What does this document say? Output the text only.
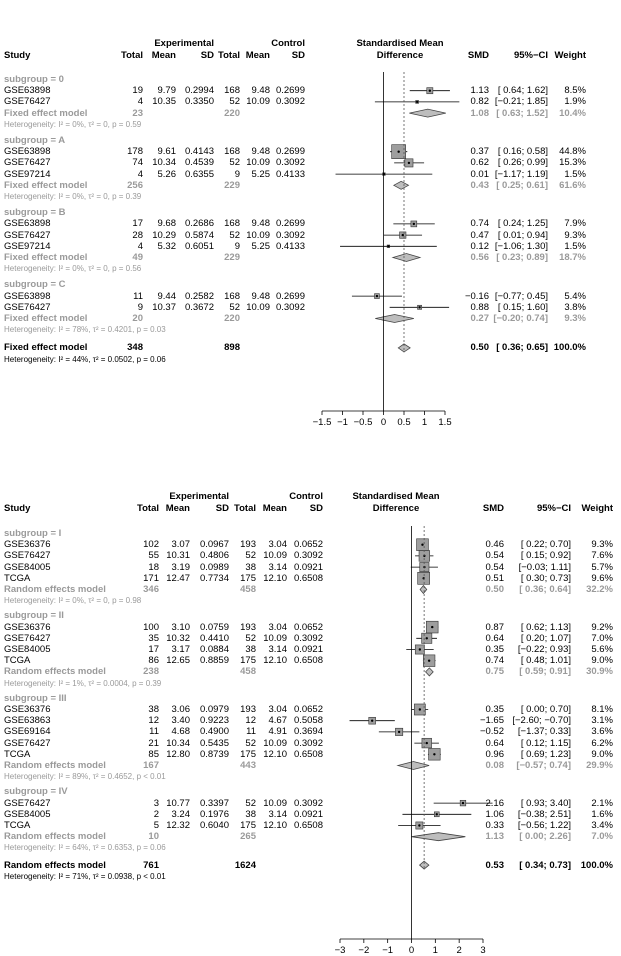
Experimental	Control	Standardised Mean
Study	Total Mean	SD Total Mean SD	Difference	SMD	95%−CI Weight
subgroup = 0
GSE63898	19 9.79 0.2994 168 9.48 0.2699	1.13 [ 0.64; 1.62] 8.5%
GSE76427	4 10.35 0.3350 52 10.09 0.3092	0.82 [−0.21; 1.85] 1.9%
Fixed effect model	23	220	1.08 [ 0.63; 1.52] 10.4%
Heterogeneity: I² = 0%, τ² = 0, p = 0.59
subgroup = A
GSE63898	178 9.61 0.4143 168 9.48 0.2699	0.37 [ 0.16; 0.58] 44.8%
GSE76427	74 10.34 0.4539 52 10.09 0.3092	0.62 [ 0.26; 0.99] 15.3%
GSE97214	4 5.26 0.6355 9 5.25 0.4133	0.01 [−1.17; 1.19] 1.5%
Fixed effect model	256	229	0.43 [ 0.25; 0.61] 61.6%
Heterogeneity: I² = 0%, τ² = 0, p = 0.39
subgroup = B
GSE63898	17 9.68 0.2686 168 9.48 0.2699	0.74 [ 0.24; 1.25] 7.9%
GSE76427	28 10.29 0.5874 52 10.09 0.3092	0.47 [ 0.01; 0.94] 9.3%
GSE97214	4 5.32 0.6051 9 5.25 0.4133	0.12 [−1.06; 1.30] 1.5%
Fixed effect model	49	229	0.56 [ 0.23; 0.89] 18.7%
Heterogeneity: I² = 0%, τ² = 0, p = 0.56
subgroup = C
GSE63898	11 9.44 0.2582 168 9.48 0.2699	−0.16 [−0.77; 0.45] 5.4%
GSE76427	9 10.37 0.3672 52 10.09 0.3092	0.88 [ 0.15; 1.60] 3.8%
Fixed effect model	20	220	0.27 [−0.20; 0.74] 9.3%
Heterogeneity: I² = 78%, τ² = 0.4201, p = 0.03
Fixed effect model	348	898	0.50 [ 0.36; 0.65] 100.0%
Heterogeneity: I² = 44%, τ² = 0.0502, p = 0.06
−1.5 −1 −0.5 0	0.5	1	1.5
Experimental	Control	Standardised Mean
Study	Total Mean	SD Total Mean SD	Difference	SMD	95%−CI Weight
subgroup = I
GSE36376	102 3.07 0.0967 193 3.04 0.0652	0.46 [ 0.22; 0.70] 9.3%
GSE76427	55 10.31 0.4806 52 10.09 0.3092	0.54 [ 0.15; 0.92] 7.6%
GSE84005	18 3.19 0.0989 38 3.14 0.0921	0.54 [−0.03; 1.11] 5.7%
TCGA	171 12.47 0.7734 175 12.10 0.6508	0.51 [ 0.30; 0.73] 9.6%
Random effects model	346	458	0.50 [ 0.36; 0.64] 32.2%
Heterogeneity: I² = 0%, τ² = 0, p = 0.98
subgroup = II
GSE36376	100 3.10 0.0759 193 3.04 0.0652	0.87 [ 0.62; 1.13] 9.2%
GSE76427	35 10.32 0.4410 52 10.09 0.3092	0.64 [ 0.20; 1.07] 7.0%
GSE84005	17 3.17 0.0884 38 3.14 0.0921	0.35 [−0.22; 0.93] 5.6%
TCGA	86 12.65 0.8859 175 12.10 0.6508	0.74 [ 0.48; 1.01] 9.0%
Random effects model	238	458	0.75 [ 0.59; 0.91] 30.9%
Heterogeneity: I² = 1%, τ² = 0.0004, p = 0.39
subgroup = III
GSE36376	38 3.06 0.0979 193 3.04 0.0652	0.35 [ 0.00; 0.70] 8.1%
GSE63863	12 3.40 0.9223 12 4.67 0.5058	−1.65 [−2.60; −0.70] 3.1%
GSE69164	11 4.68 0.4900 11 4.91 0.3694	−0.52 [−1.37; 0.33] 3.6%
GSE76427	21 10.34 0.5435 52 10.09 0.3092	0.64 [ 0.12; 1.15] 6.2%
TCGA	85 12.80 0.8739 175 12.10 0.6508	0.96 [ 0.69; 1.23] 9.0%
Random effects model	167	443	0.08 [−0.57; 0.74] 29.9%
Heterogeneity: I² = 89%, τ² = 0.4652, p < 0.01
subgroup = IV
GSE76427	3 10.77 0.3397 52 10.09 0.3092	2.16 [ 0.93; 3.40] 2.1%
GSE84005	2 3.24 0.1976 38 3.14 0.0921	1.06 [−0.38; 2.51] 1.6%
TCGA	5 12.32 0.6040 175 12.10 0.6508	0.33 [−0.56; 1.22] 3.4%
Random effects model	10	265	1.13 [ 0.00; 2.26] 7.0%
Heterogeneity: I² = 64%, τ² = 0.6353, p = 0.06
Random effects model	761	1624	0.53 [ 0.34; 0.73] 100.0%
Heterogeneity: I² = 71%, τ² = 0.0938, p < 0.01
−3	−2	−1	0	1	2	3
